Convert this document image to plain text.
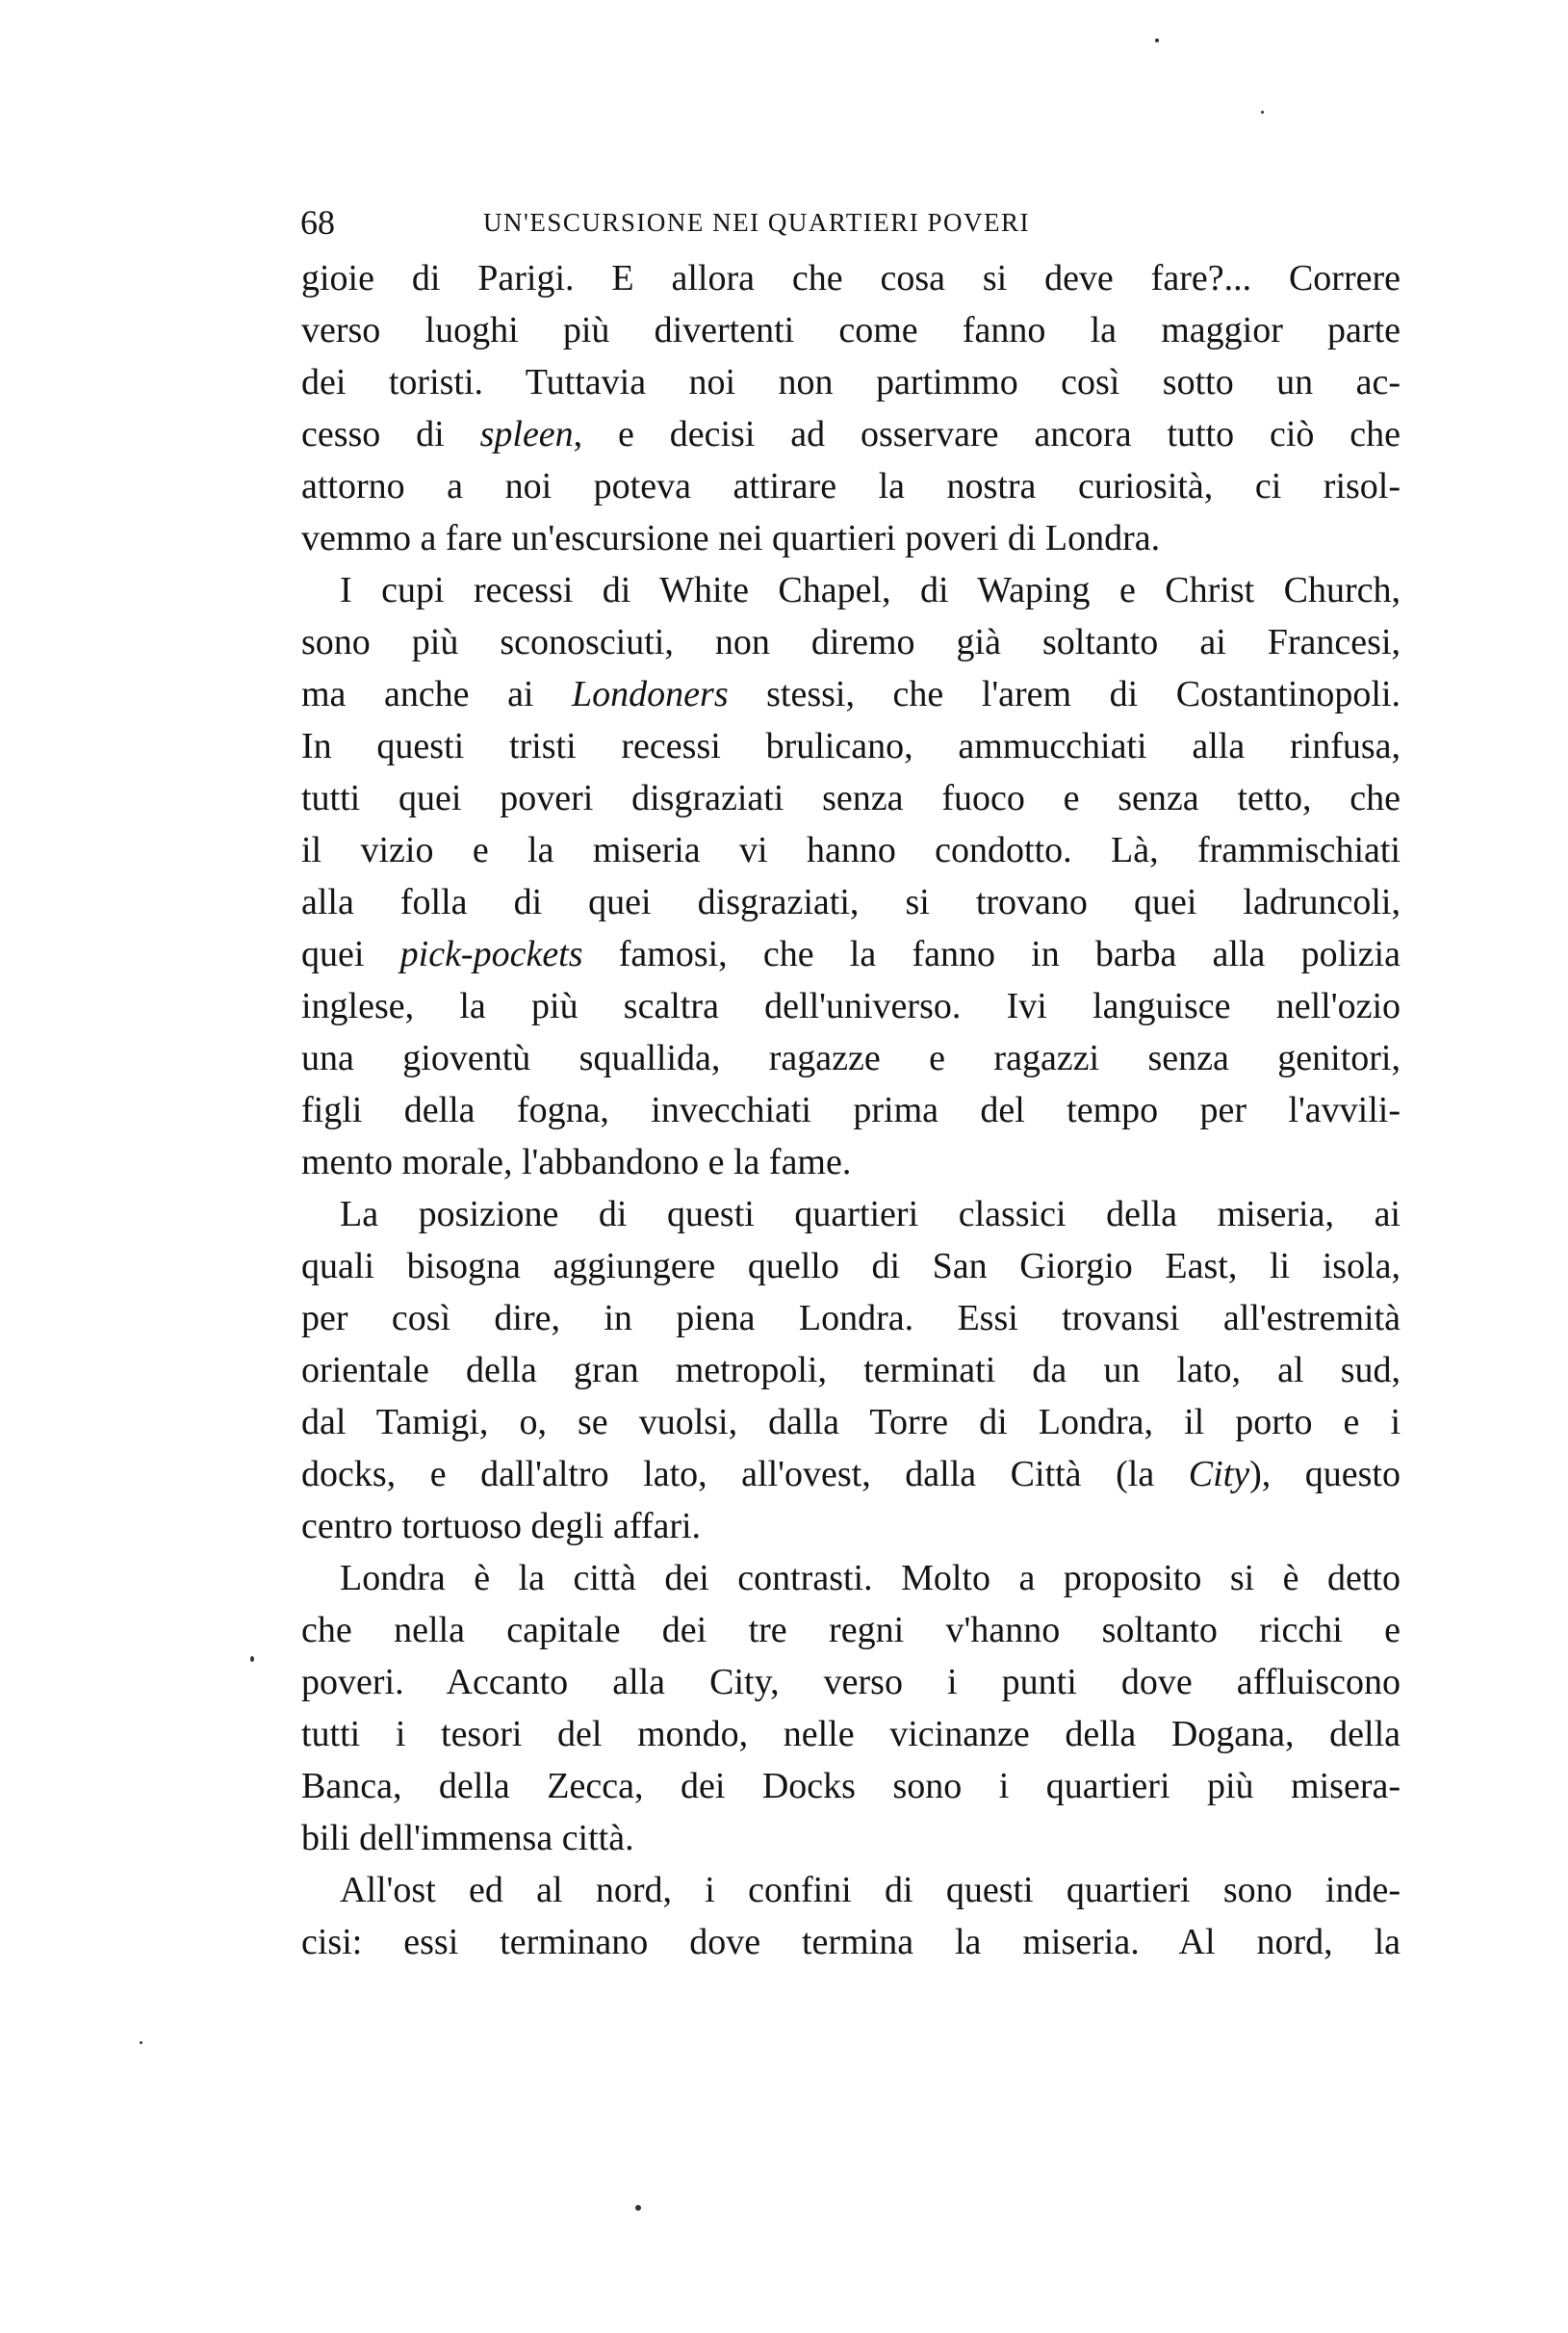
68	UN'ESCURSIONE NEI QUARTIERI POVERI
gioie di Parigi. E allora che cosa si deve fare?... Correre
verso luoghi più divertenti come fanno la maggior parte
dei toristi. Tuttavia noi non partimmo così sotto un ac-
cesso di spleen, e decisi ad osservare ancora tutto ciò che
attorno a noi poteva attirare la nostra curiosità, ci risol-
vemmo a fare un'escursione nei quartieri poveri di Londra.
I cupi recessi di White Chapel, di Waping e Christ Church,
sono più sconosciuti, non diremo già soltanto ai Francesi,
ma anche ai Londoners stessi, che l'arem di Costantinopoli.
In questi tristi recessi brulicano, ammucchiati alla rinfusa,
tutti quei poveri disgraziati senza fuoco e senza tetto, che
il vizio e la miseria vi hanno condotto. Là, frammischiati
alla folla di quei disgraziati, si trovano quei ladruncoli,
quei pick-pockets famosi, che la fanno in barba alla polizia
inglese, la più scaltra dell'universo. Ivi languisce nell'ozio
una gioventù squallida, ragazze e ragazzi senza genitori,
figli della fogna, invecchiati prima del tempo per l'avvili-
mento morale, l'abbandono e la fame.
La posizione di questi quartieri classici della miseria, ai
quali bisogna aggiungere quello di San Giorgio East, li isola,
per così dire, in piena Londra. Essi trovansi all'estremità
orientale della gran metropoli, terminati da un lato, al sud,
dal Tamigi, o, se vuolsi, dalla Torre di Londra, il porto e i
docks, e dall'altro lato, all'ovest, dalla Città (la City), questo
centro tortuoso degli affari.
Londra è la città dei contrasti. Molto a proposito si è detto
che nella capitale dei tre regni v'hanno soltanto ricchi e
poveri. Accanto alla City, verso i punti dove affluiscono
tutti i tesori del mondo, nelle vicinanze della Dogana, della
Banca, della Zecca, dei Docks sono i quartieri più misera-
bili dell'immensa città.
All'ost ed al nord, i confini di questi quartieri sono inde-
cisi: essi terminano dove termina la miseria. Al nord, la
